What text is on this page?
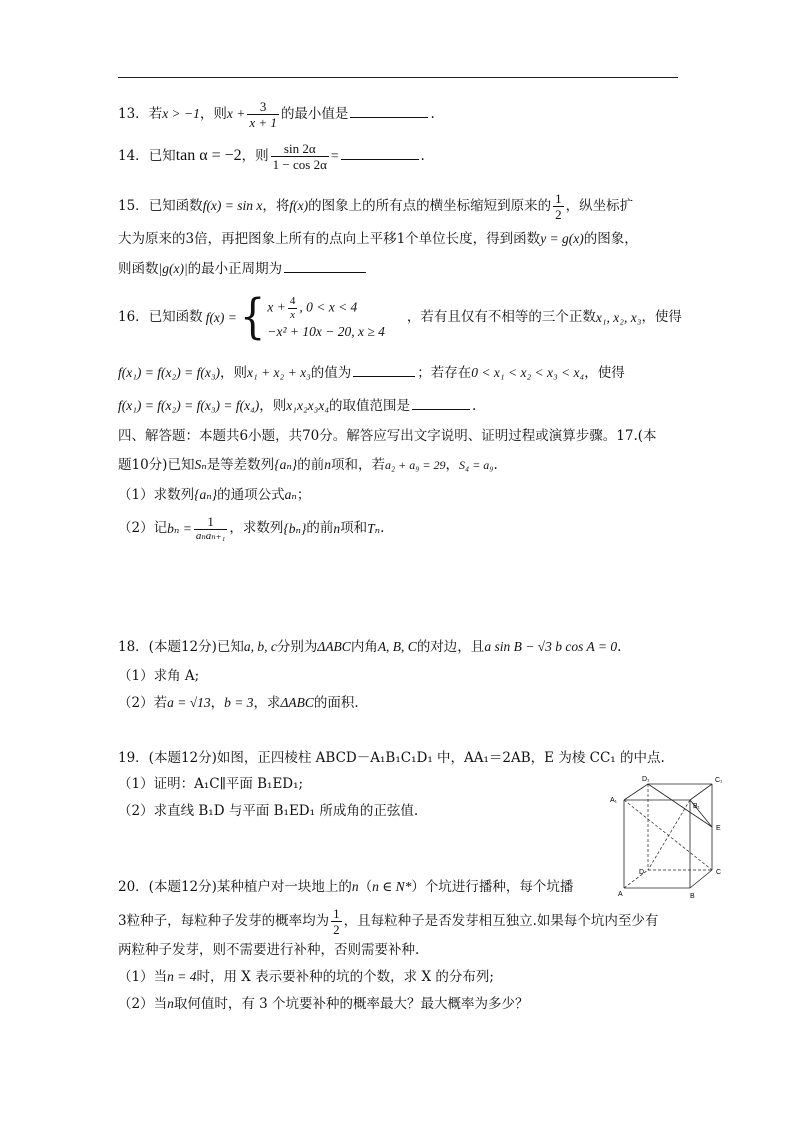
13．若x > −1，则$x + \frac{3}{x + 1}$ 的最小值是	.
14．已知tan α = −2，则 $\frac{\sin 2\alpha}{1 - \cos 2\alpha}$ =	.
15．已知函数f(x) = sin x，将f(x)的图象上的所有点的横坐标缩短到原来的 $\frac{1}{2}$ ，纵坐标扩
大为原来的3倍，再把图象上所有的点向上平移1个单位长度，得到函数y = g(x)的图象，
则函数|g(x)|的最小正周期为
16． 已知函数 f(x) = { $x + \frac{4}{x}$ , 0 < x < 4
−x² + 10x − 20, x ≥ 4
，若有且仅有不相等的三个正数 x₁, x₂, x₃ ，使得
f(x₁) = f(x₂) = f(x₃)，则x₁ + x₂ + x₃的值为	；若存在0 < x₁ < x₂ < x₃ < x₄，使得
f(x₁) = f(x₂) = f(x₃) = f(x₄)，则x₁x₂x₃x₄的取值范围是	.
四、解答题：本题共6小题，共70分。解答应写出文字说明、证明过程或演算步骤。17.(本
题10分)已知Sₙ是等差数列{aₙ}的前n项和，若a₂ + a₉ = 29，S₄ = a₉.
（1）求数列{aₙ}的通项公式aₙ；
（2）记 $b_n = \frac{1}{\text{aₙaₙ₊₁}}$ ，求数列 {bₙ} 的前 n 项和 Tₙ .
18．(本题12分)已知a, b, c分别为ΔABC内角A, B, C的对边，且a sin B − √3 b cos A = 0.
（1）求角 A;
（2）若a = √13，b = 3，求ΔABC的面积.
19．(本题12分)如图，正四棱柱 ABCD－A₁B₁C₁D₁ 中，AA₁＝2AB，E 为棱 CC₁ 的中点.
（1）证明：A₁C∥平面 B₁ED₁;
（2）求直线 B₁D 与平面 B₁ED₁ 所成角的正弦值.
D₁	C₁
A₁
B₁
E
D	C
A	B
20．(本题12分)某种植户对一块地上的n（n ∈ N*）个坑进行播种，每个坑播
3粒种子，每粒种子发芽的概率均为 $\frac{1}{2}$ ，且每粒种子是否发芽相互独立.如果每个坑内至少有
两粒种子发芽，则不需要进行补种，否则需要补种.
（1）当n = 4时，用 X 表示要补种的坑的个数，求 X 的分布列;
（2）当n取何值时，有 3 个坑要补种的概率最大？最大概率为多少？
